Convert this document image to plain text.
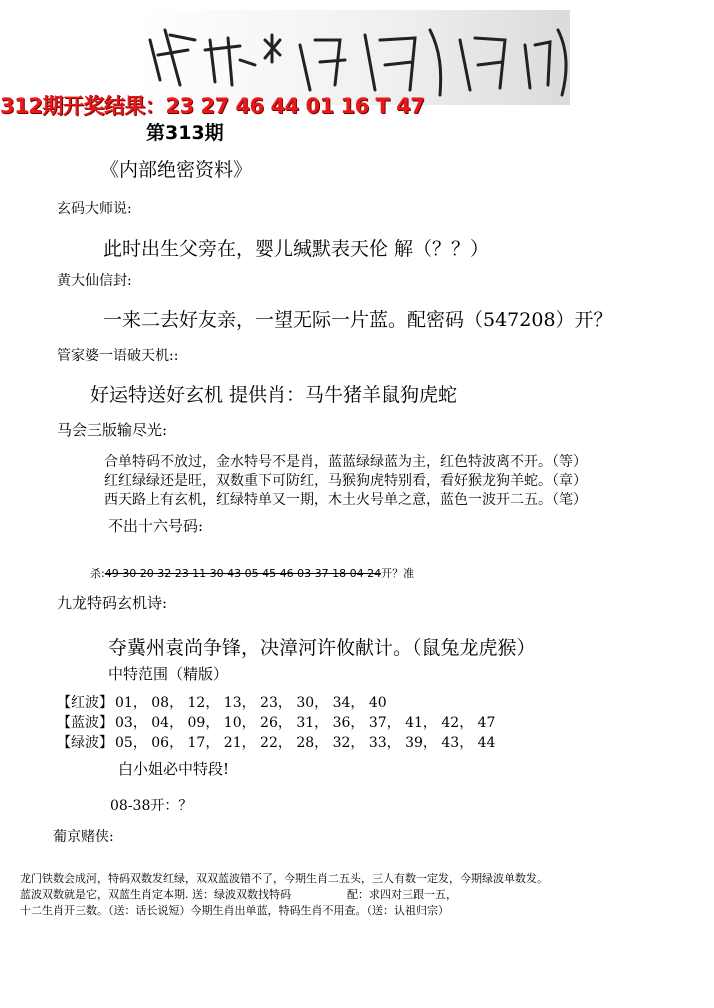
312期开奖结果：23 27 46 44 01 16 T 47
第313期
《内部绝密资料》
玄码大师说:
此时出生父旁在，婴儿缄默表天伦 解（？？）
黄大仙信封:
一来二去好友亲，一望无际一片蓝。配密码（547208）开？
管家婆一语破天机::
好运特送好玄机 提供肖：马牛猪羊鼠狗虎蛇
马会三版输尽光:
合单特码不放过，金水特号不是肖，蓝蓝绿绿蓝为主，红色特波离不开。（等）
红红绿绿还是旺，双数重下可防红，马猴狗虎特别看，看好猴龙狗羊蛇。（章）
西天路上有玄机，红绿特单又一期，木土火号单之意，蓝色一波开二五。（笔）
不出十六号码:
杀:49 30 20 32 23 11 30 43 05 45 46 03 37 18 04 24开？准
九龙特码玄机诗:
夺冀州袁尚争锋，决漳河许攸献计。（鼠兔龙虎猴）
中特范围（精版）
【红波】 01， 08， 12， 13， 23， 30， 34， 40
【蓝波】 03， 04， 09， 10， 26， 31， 36， 37， 41， 42， 47
【绿波】 05， 06， 17， 21， 22， 28， 32， 33， 39， 43， 44
白小姐必中特段!
08-38开：？
葡京赌侠:
龙门铁数会成河，特码双数发红绿，双双蓝波错不了，今期生肖二五头，三人有数一定发，今期绿波单数发。
蓝波双数就是它，双蓝生肖定本期. 送：绿波双数找特码	配：求四对三跟一五，
十二生肖开三数。（送：话长说短）今期生肖出单蓝，特码生肖不用查。（送：认祖归宗）
